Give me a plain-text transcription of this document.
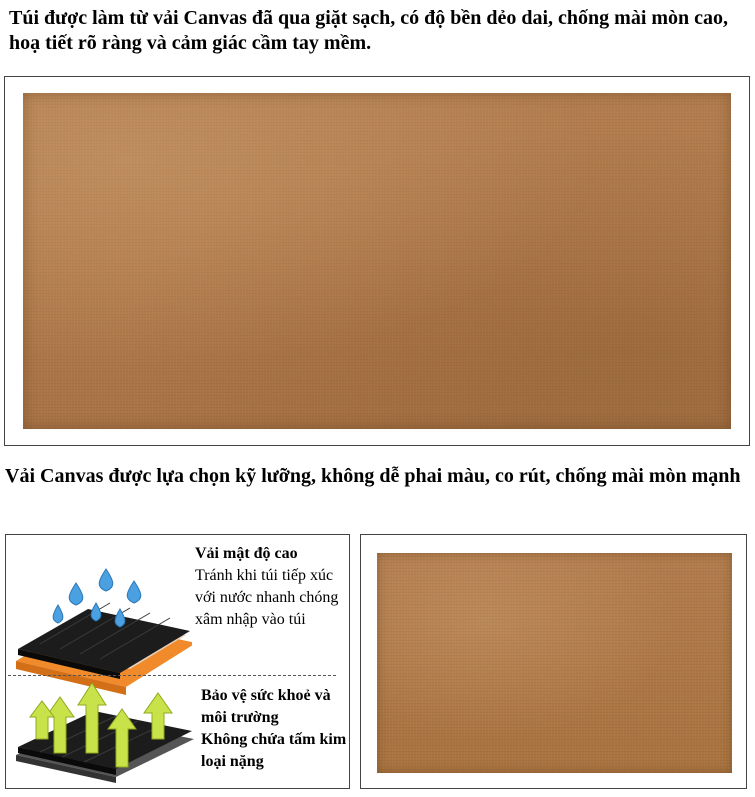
Túi được làm từ vải Canvas đã qua giặt sạch, có độ bền dẻo dai, chống mài mòn cao, hoạ tiết rõ ràng và cảm giác cầm tay mềm.

Vải Canvas được lựa chọn kỹ lưỡng, không dễ phai màu, co rút, chống mài mòn mạnh

Vải mật độ cao

Tránh khi túi tiếp xúc với nước nhanh chóng xâm nhập vào túi

Bảo vệ sức khoẻ và môi trường

Không chứa tấm kim loại nặng
